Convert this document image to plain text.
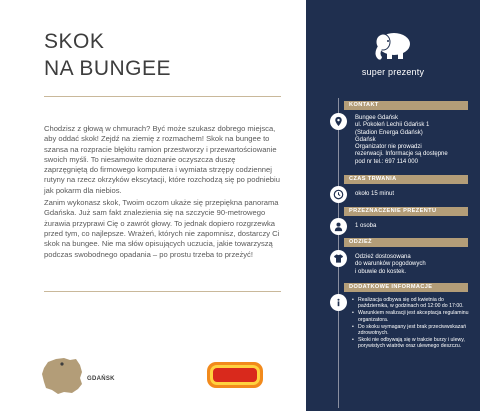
SKOK
NA BUNGEE

Chodzisz z głową w chmurach? Być może szukasz dobrego miejsca, aby oddać skok! Zejdź na ziemię z rozmachem! Skok na bungee to szansa na rozpracie błękitu ramion przestworzy i przewartościowanie swoich myśli. To niesamowite doznanie oczyszcza duszę zaprzęgniętą do firmowego komputera i wymiata strzępy codziennej rutyny na rzecz okrzyków ekscytacji, które rozchodzą się po podniebiu jak pokarm dla niebios.

Zanim wykonasz skok, Twoim oczom ukaże się przepiękna panorama Gdańska. Już sam fakt znalezienia się na szczycie 90-metrowego żurawia przyprawi Cię o zawrót głowy. To jednak dopiero rozgrzewka przed tym, co najlepsze. Wrażeń, których nie zapomnisz, dostarczy Ci skok na bungee. Nie ma słów opisujących uczucia, jakie towarzyszą podczas swobodnego opadania – po prostu trzeba to przeżyć!

GDAŃSK
super prezenty
KONTAKT
Bungee Gdańsk
ul. Pokoleń Lechii Gdańsk 1
(Stadion Energa Gdańsk)
Gdańsk
Organizator nie prowadzi
rezerwacji. Informacje są dostępne
pod nr tel.: 697 114 000
CZAS TRWANIA
około 15 minut
PRZEZNACZENIE PREZENTU
1 osoba
ODZIEŻ
Odzież dostosowana
do warunków pogodowych
i obuwie do kostek.
DODATKOWE INFORMACJE
• Realizacja odbywa się od kwietnia do października, w godzinach od 12:00 do 17:00.
• Warunkiem realizacji jest akceptacja regulaminu organizatora.
• Do skoku wymagany jest brak przeciwwskazań zdrowotnych.
• Skoki nie odbywają się w trakcie burzy i ulewy, porywistych wiatrów oraz ulewnego deszczu.
